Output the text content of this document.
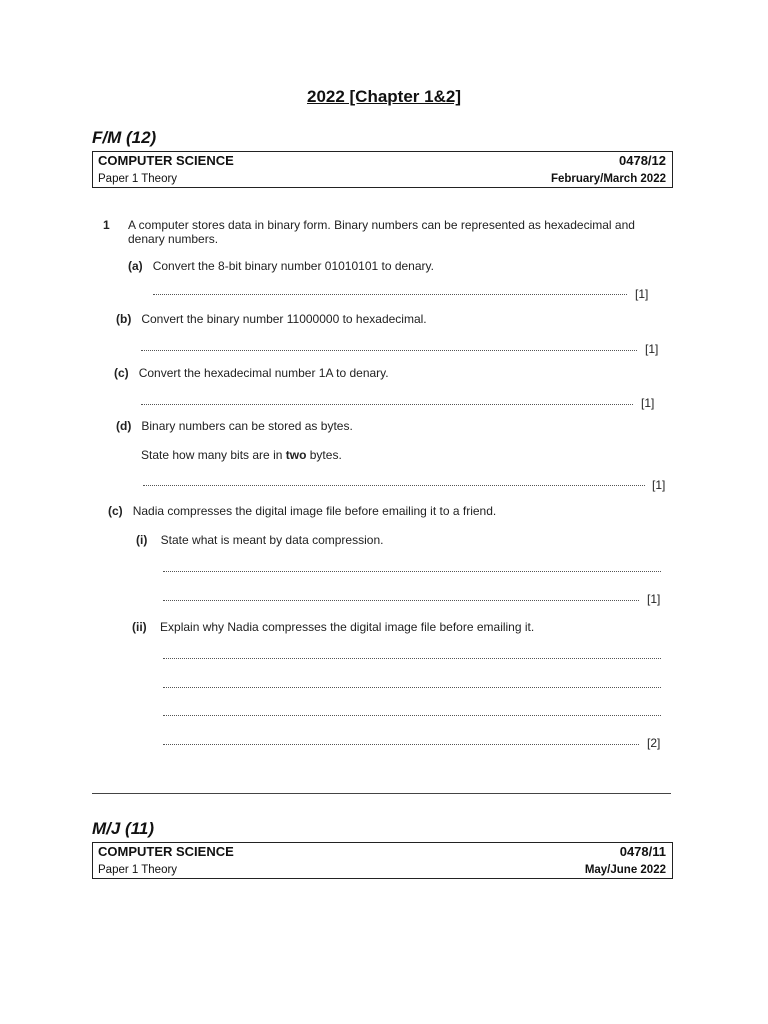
2022 [Chapter 1&2]
F/M (12)
COMPUTER SCIENCE	0478/12
Paper 1 Theory	February/March 2022
1 A computer stores data in binary form. Binary numbers can be represented as hexadecimal and
denary numbers.
(a) Convert the 8-bit binary number 01010101 to denary.
[1]
(b) Convert the binary number 11000000 to hexadecimal.
[1]
(c) Convert the hexadecimal number 1A to denary.
[1]
(d) Binary numbers can be stored as bytes.
State how many bits are in two bytes.
[1]
(c) Nadia compresses the digital image file before emailing it to a friend.
(i) State what is meant by data compression.
[1]
(ii) Explain why Nadia compresses the digital image file before emailing it.
[2]
M/J (11)
COMPUTER SCIENCE	0478/11
Paper 1 Theory	May/June 2022
